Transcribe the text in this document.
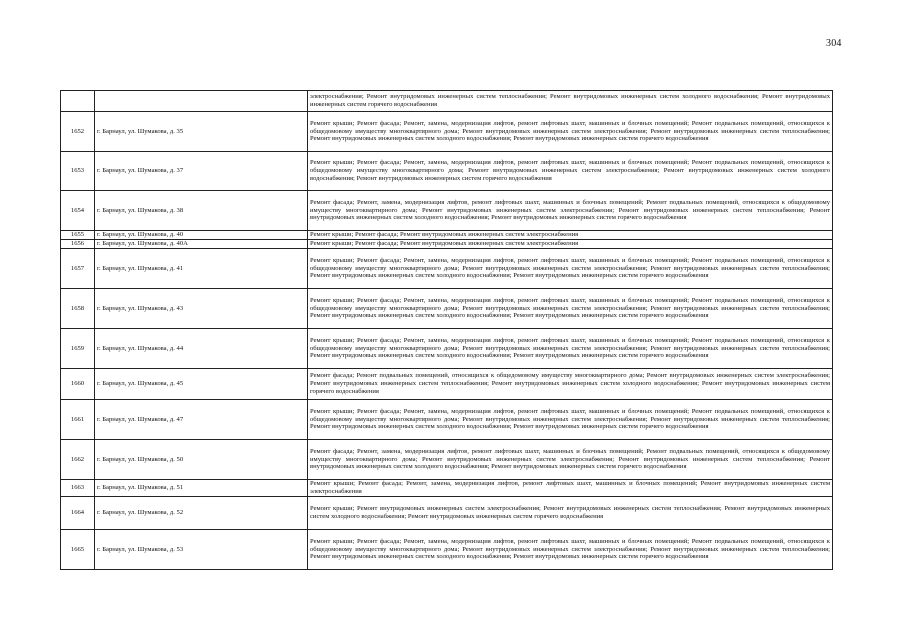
304
		электроснабжения; Ремонт внутридомовых инженерных систем теплоснабжения; Ремонт внутридомовых инженерных систем холодного водоснабжения; Ремонт внутридомовых инженерных систем горячего водоснабжения
1652	г. Барнаул, ул. Шумакова, д. 35	Ремонт крыши; Ремонт фасада; Ремонт, замена, модернизация лифтов, ремонт лифтовых шахт, машинных и блочных помещений; Ремонт подвальных помещений, относящихся к общедомовому имуществу многоквартирного дома; Ремонт внутридомовых инженерных систем электроснабжения; Ремонт внутридомовых инженерных систем теплоснабжения; Ремонт внутридомовых инженерных систем холодного водоснабжения; Ремонт внутридомовых инженерных систем горячего водоснабжения
1653	г. Барнаул, ул. Шумакова, д. 37	Ремонт крыши; Ремонт фасада; Ремонт, замена, модернизация лифтов, ремонт лифтовых шахт, машинных и блочных помещений; Ремонт подвальных помещений, относящихся к общедомовому имуществу многоквартирного дома; Ремонт внутридомовых инженерных систем электроснабжения; Ремонт внутридомовых инженерных систем холодного водоснабжения; Ремонт внутридомовых инженерных систем горячего водоснабжения
1654	г. Барнаул, ул. Шумакова, д. 38	Ремонт фасада; Ремонт, замена, модернизация лифтов, ремонт лифтовых шахт, машинных и блочных помещений; Ремонт подвальных помещений, относящихся к общедомовому имуществу многоквартирного дома; Ремонт внутридомовых инженерных систем электроснабжения; Ремонт внутридомовых инженерных систем теплоснабжения; Ремонт внутридомовых инженерных систем холодного водоснабжения; Ремонт внутридомовых инженерных систем горячего водоснабжения
1655	г. Барнаул, ул. Шумакова, д. 40	Ремонт крыши; Ремонт фасада; Ремонт внутридомовых инженерных систем электроснабжения
1656	г. Барнаул, ул. Шумакова, д. 40А	Ремонт крыши; Ремонт фасада; Ремонт внутридомовых инженерных систем электроснабжения
1657	г. Барнаул, ул. Шумакова, д. 41	Ремонт крыши; Ремонт фасада; Ремонт, замена, модернизация лифтов, ремонт лифтовых шахт, машинных и блочных помещений; Ремонт подвальных помещений, относящихся к общедомовому имуществу многоквартирного дома; Ремонт внутридомовых инженерных систем электроснабжения; Ремонт внутридомовых инженерных систем теплоснабжения; Ремонт внутридомовых инженерных систем холодного водоснабжения; Ремонт внутридомовых инженерных систем горячего водоснабжения
1658	г. Барнаул, ул. Шумакова, д. 43	Ремонт крыши; Ремонт фасада; Ремонт, замена, модернизация лифтов, ремонт лифтовых шахт, машинных и блочных помещений; Ремонт подвальных помещений, относящихся к общедомовому имуществу многоквартирного дома; Ремонт внутридомовых инженерных систем электроснабжения; Ремонт внутридомовых инженерных систем теплоснабжения; Ремонт внутридомовых инженерных систем холодного водоснабжения; Ремонт внутридомовых инженерных систем горячего водоснабжения
1659	г. Барнаул, ул. Шумакова, д. 44	Ремонт крыши; Ремонт фасада; Ремонт, замена, модернизация лифтов, ремонт лифтовых шахт, машинных и блочных помещений; Ремонт подвальных помещений, относящихся к общедомовому имуществу многоквартирного дома; Ремонт внутридомовых инженерных систем электроснабжения; Ремонт внутридомовых инженерных систем теплоснабжения; Ремонт внутридомовых инженерных систем холодного водоснабжения; Ремонт внутридомовых инженерных систем горячего водоснабжения
1660	г. Барнаул, ул. Шумакова, д. 45	Ремонт фасада; Ремонт подвальных помещений, относящихся к общедомовому имуществу многоквартирного дома; Ремонт внутридомовых инженерных систем электроснабжения; Ремонт внутридомовых инженерных систем теплоснабжения; Ремонт внутридомовых инженерных систем холодного водоснабжения; Ремонт внутридомовых инженерных систем горячего водоснабжения
1661	г. Барнаул, ул. Шумакова, д. 47	Ремонт крыши; Ремонт фасада; Ремонт, замена, модернизация лифтов, ремонт лифтовых шахт, машинных и блочных помещений; Ремонт подвальных помещений, относящихся к общедомовому имуществу многоквартирного дома; Ремонт внутридомовых инженерных систем электроснабжения; Ремонт внутридомовых инженерных систем теплоснабжения; Ремонт внутридомовых инженерных систем холодного водоснабжения; Ремонт внутридомовых инженерных систем горячего водоснабжения
1662	г. Барнаул, ул. Шумакова, д. 50	Ремонт фасада; Ремонт, замена, модернизация лифтов, ремонт лифтовых шахт, машинных и блочных помещений; Ремонт подвальных помещений, относящихся к общедомовому имуществу многоквартирного дома; Ремонт внутридомовых инженерных систем электроснабжения; Ремонт внутридомовых инженерных систем теплоснабжения; Ремонт внутридомовых инженерных систем холодного водоснабжения; Ремонт внутридомовых инженерных систем горячего водоснабжения
1663	г. Барнаул, ул. Шумакова, д. 51	Ремонт крыши; Ремонт фасада; Ремонт, замена, модернизация лифтов, ремонт лифтовых шахт, машинных и блочных помещений; Ремонт внутридомовых инженерных систем электроснабжения
1664	г. Барнаул, ул. Шумакова, д. 52	Ремонт крыши; Ремонт внутридомовых инженерных систем электроснабжения; Ремонт внутридомовых инженерных систем теплоснабжения; Ремонт внутридомовых инженерных систем холодного водоснабжения; Ремонт внутридомовых инженерных систем горячего водоснабжения
1665	г. Барнаул, ул. Шумакова, д. 53	Ремонт крыши; Ремонт фасада; Ремонт, замена, модернизация лифтов, ремонт лифтовых шахт, машинных и блочных помещений; Ремонт подвальных помещений, относящихся к общедомовому имуществу многоквартирного дома; Ремонт внутридомовых инженерных систем электроснабжения; Ремонт внутридомовых инженерных систем теплоснабжения; Ремонт внутридомовых инженерных систем холодного водоснабжения; Ремонт внутридомовых инженерных систем горячего водоснабжения
